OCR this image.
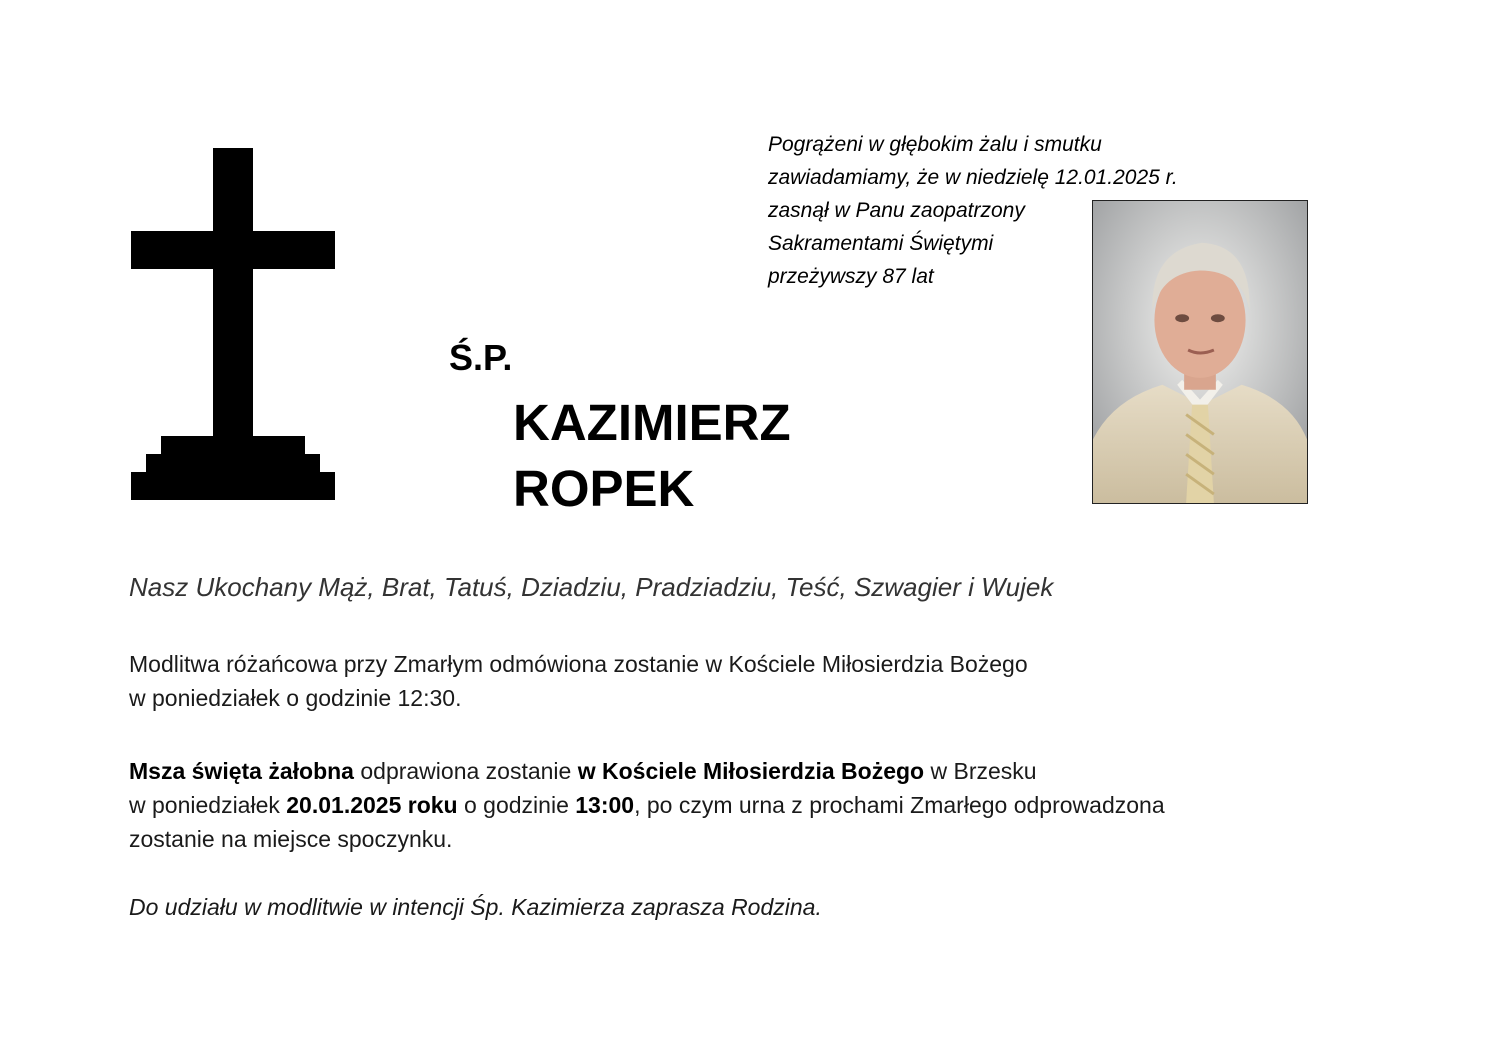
Pogrążeni w głębokim żalu i smutku
zawiadamiamy, że w niedzielę 12.01.2025 r.
zasnął w Panu zaopatrzony
Sakramentami Świętymi
przeżywszy 87 lat

Ś.P.

KAZIMIERZ
ROPEK

Nasz Ukochany Mąż, Brat, Tatuś, Dziadziu, Pradziadziu, Teść, Szwagier i Wujek

Modlitwa różańcowa przy Zmarłym odmówiona zostanie w Kościele Miłosierdzia Bożego
w poniedziałek o godzinie 12:30.

Msza święta żałobna odprawiona zostanie w Kościele Miłosierdzia Bożego w Brzesku
w poniedziałek 20.01.2025 roku o godzinie 13:00, po czym urna z prochami Zmarłego odprowadzona
zostanie na miejsce spoczynku.

Do udziału w modlitwie w intencji Śp. Kazimierza zaprasza Rodzina.
